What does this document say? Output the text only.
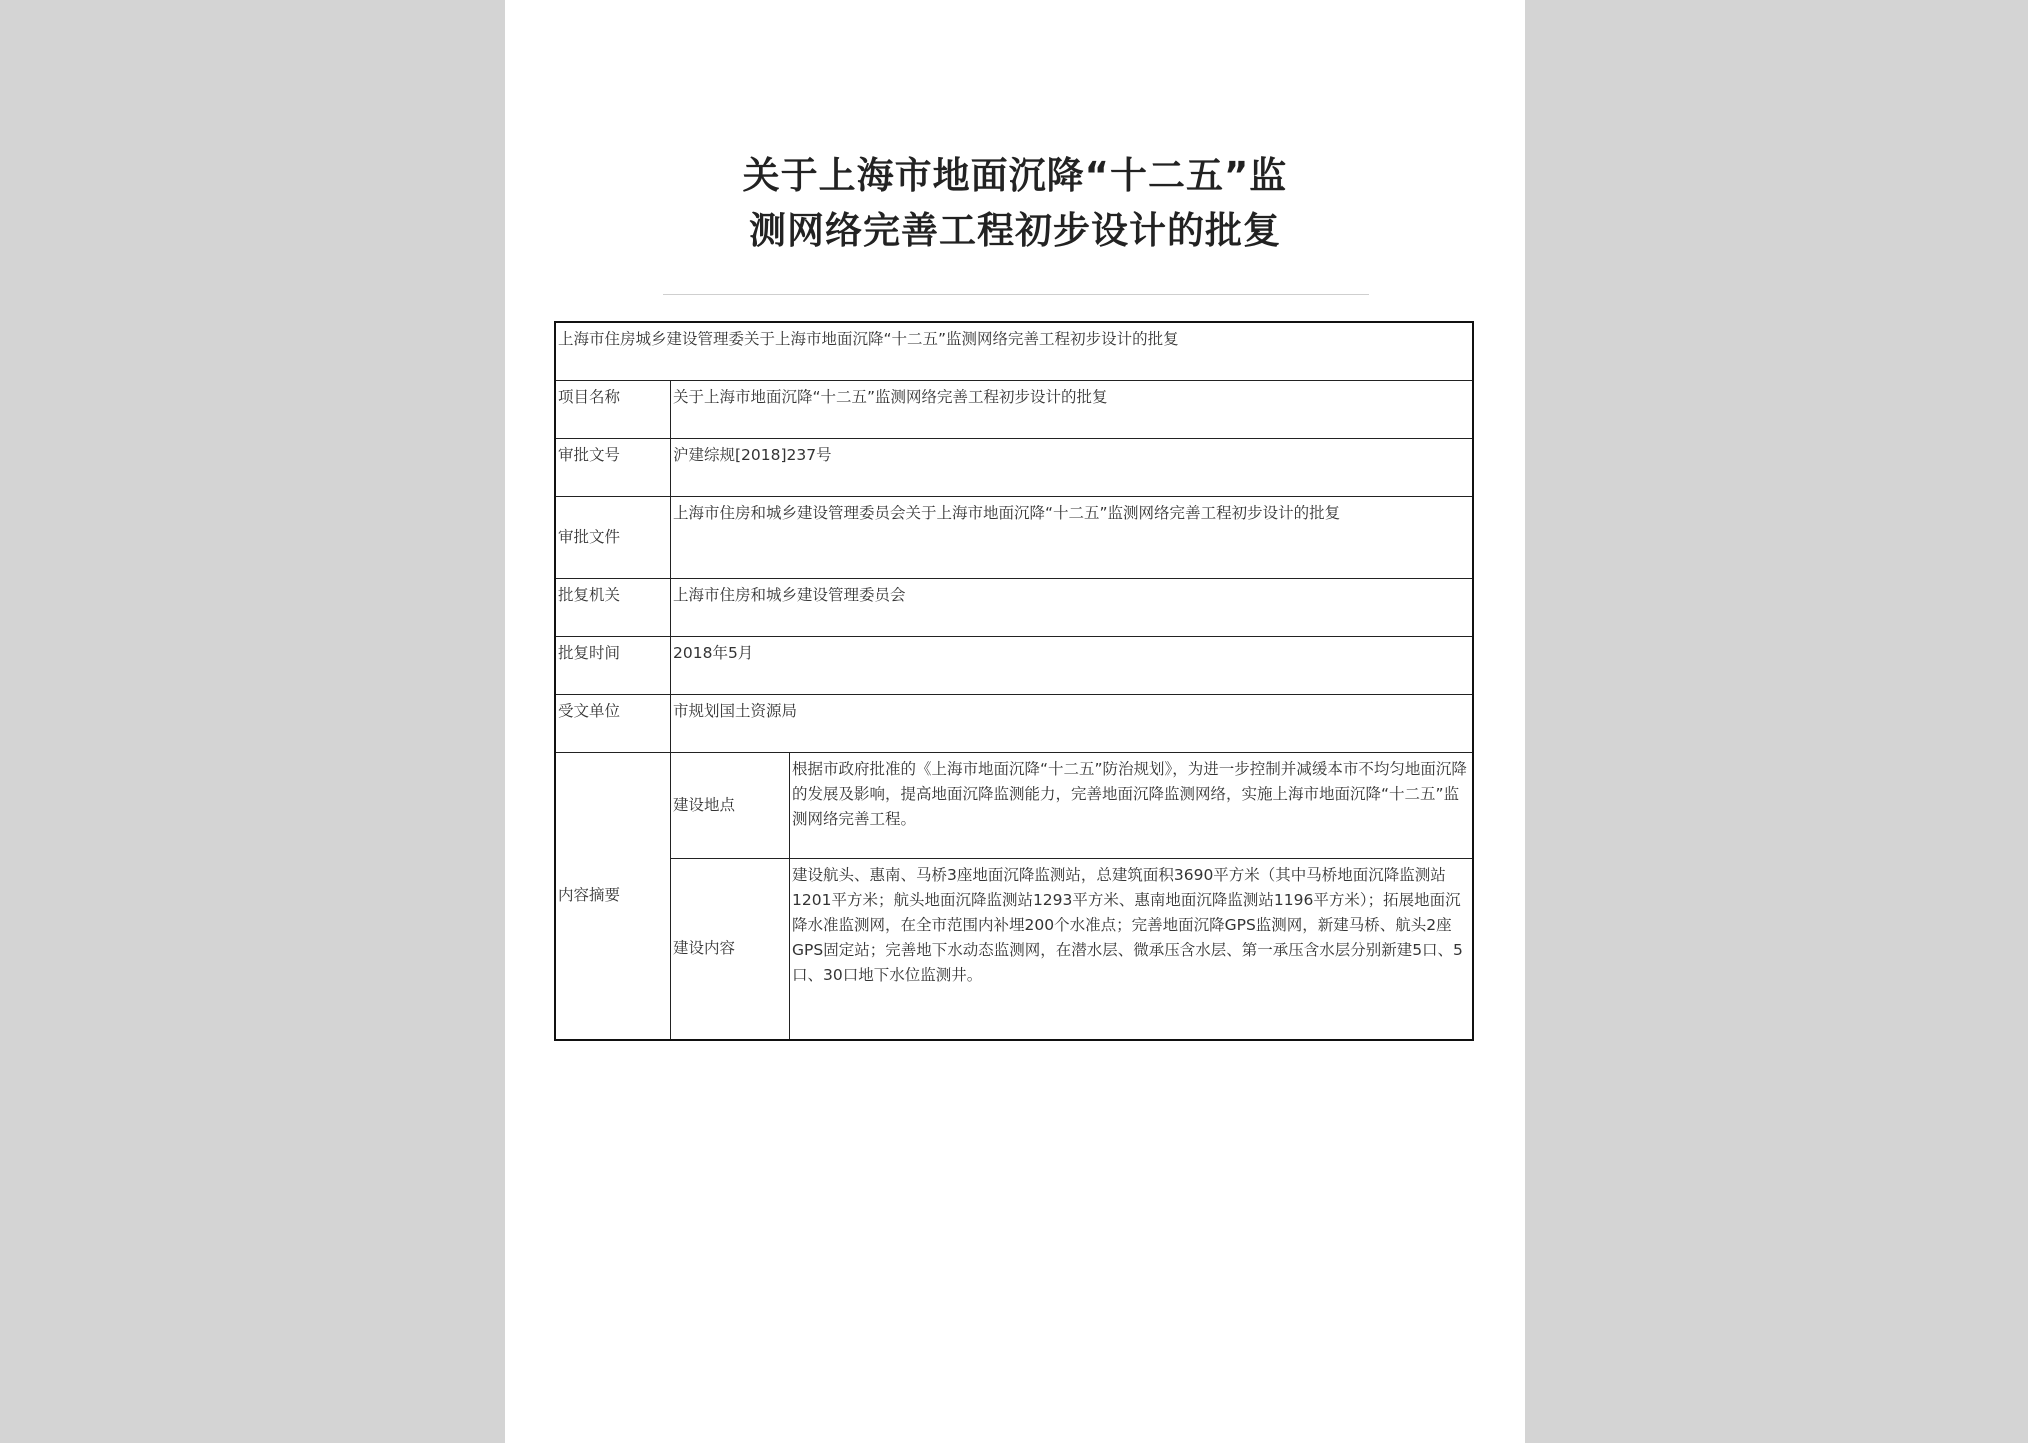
关于上海市地面沉降“十二五”监
测网络完善工程初步设计的批复
上海市住房城乡建设管理委关于上海市地面沉降“十二五”监测网络完善工程初步设计的批复		
项目名称	关于上海市地面沉降“十二五”监测网络完善工程初步设计的批复	
审批文号	沪建综规[2018]237号	
审批文件	上海市住房和城乡建设管理委员会关于上海市地面沉降“十二五”监测网络完善工程初步设计的批复	
批复机关	上海市住房和城乡建设管理委员会	
批复时间	2018年5月	
受文单位	市规划国土资源局	
内容摘要	建设地点	根据市政府批准的《上海市地面沉降“十二五”防治规划》，为进一步控制并减缓本市不均匀地面沉降的发展及影响，提高地面沉降监测能力，完善地面沉降监测网络，实施上海市地面沉降“十二五”监测网络完善工程。
	建设内容	建设航头、惠南、马桥3座地面沉降监测站，总建筑面积3690平方米（其中马桥地面沉降监测站1201平方米；航头地面沉降监测站1293平方米、惠南地面沉降监测站1196平方米）；拓展地面沉降水准监测网，在全市范围内补埋200个水准点；完善地面沉降GPS监测网，新建马桥、航头2座GPS固定站；完善地下水动态监测网，在潜水层、微承压含水层、第一承压含水层分别新建5口、5口、30口地下水位监测井。
